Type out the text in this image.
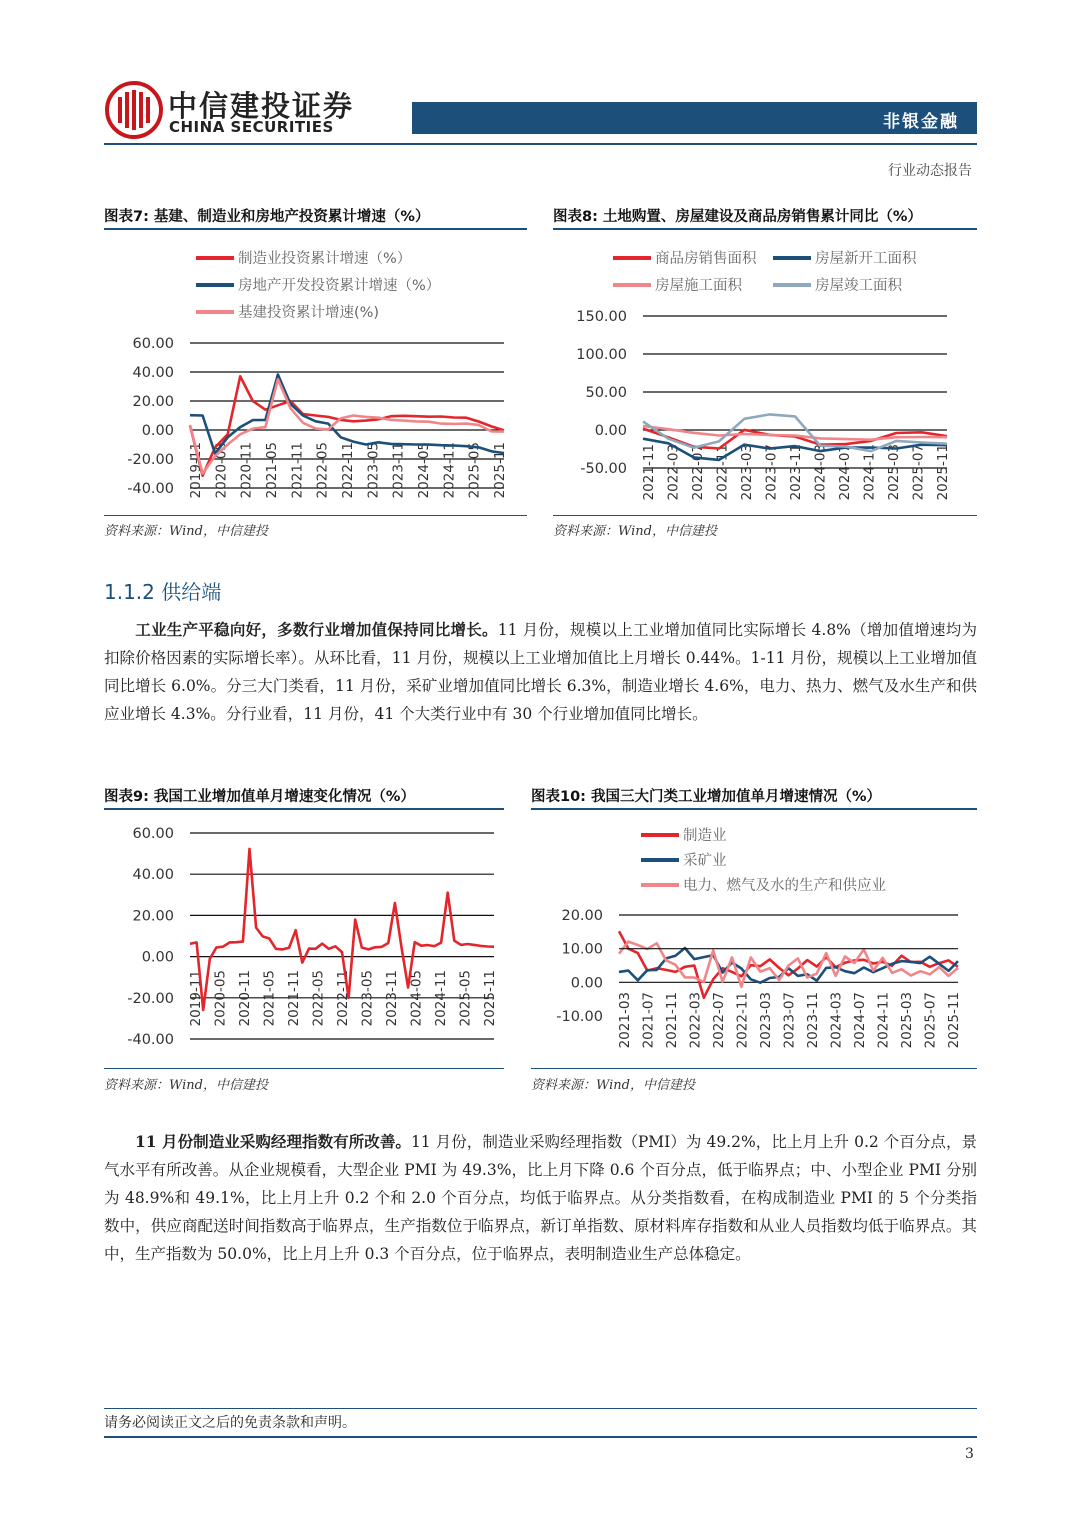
中信建投证券
CHINA SECURITIES	非银金融
行业动态报告
图表7: 基建、制造业和房地产投资累计增速（%）
制造业投资累计增速（%）
房地产开发投资累计增速（%）
基建投资累计增速(%)
60.00
40.00
20.00
0.00
-20.00
-40.00 2019-11 2020-05 2020-11 2021-05 2021-11 2022-05 2022-11 2023-05 2023-11 2024-05 2024-11 2025-05 2025-11
资料来源：Wind，中信建投
图表8: 土地购置、房屋建设及商品房销售累计同比（%）
商品房销售面积	房屋新开工面积
房屋施工面积	房屋竣工面积
150.00
100.00
50.00
0.00
-50.00 2021-11 2022-03 2022-07 2022-11 2023-03 2023-07 2023-11 2024-03 2024-07 2024-11 2025-03 2025-07 2025-11
资料来源：Wind，中信建投
1.1.2 供给端
  工业生产平稳向好，多数行业增加值保持同比增长。11 月份，规模以上工业增加值同比实际增长 4.8%（增加值增速均为扣除价格因素的实际增长率）。从环比看，11 月份，规模以上工业增加值比上月增长 0.44%。1-11 月份，规模以上工业增加值同比增长 6.0%。分三大门类看，11 月份，采矿业增加值同比增长 6.3%，制造业增长 4.6%，电力、热力、燃气及水生产和供应业增长 4.3%。分行业看，11 月份，41 个大类行业中有 30 个行业增加值同比增长。
图表9: 我国工业增加值单月增速变化情况（%）
60.00
40.00
20.00
0.00
-20.00
-40.00
2019-11 2020-05 2020-11 2021-05 2021-11 2022-05 2022-11 2023-05 2023-11 2024-05 2024-11 2025-05 2025-11
资料来源：Wind，中信建投
图表10: 我国三大门类工业增加值单月增速情况（%）
制造业
采矿业
电力、燃气及水的生产和供应业
20.00
10.00
0.00
-10.00 2021-03 2021-07 2021-11 2022-03 2022-07 2022-11 2023-03 2023-07 2023-11 2024-03 2024-07 2024-11 2025-03 2025-07 2025-11
资料来源：Wind，中信建投
  11 月份制造业采购经理指数有所改善。11 月份，制造业采购经理指数（PMI）为 49.2%，比上月上升 0.2 个百分点，景气水平有所改善。从企业规模看，大型企业 PMI 为 49.3%，比上月下降 0.6 个百分点，低于临界点；中、小型企业 PMI 分别为 48.9%和 49.1%，比上月上升 0.2 个和 2.0 个百分点，均低于临界点。从分类指数看，在构成制造业 PMI 的 5 个分类指数中，供应商配送时间指数高于临界点，生产指数位于临界点，新订单指数、原材料库存指数和从业人员指数均低于临界点。其中，生产指数为 50.0%，比上月上升 0.3 个百分点，位于临界点，表明制造业生产总体稳定。
请务必阅读正文之后的免责条款和声明。
3
